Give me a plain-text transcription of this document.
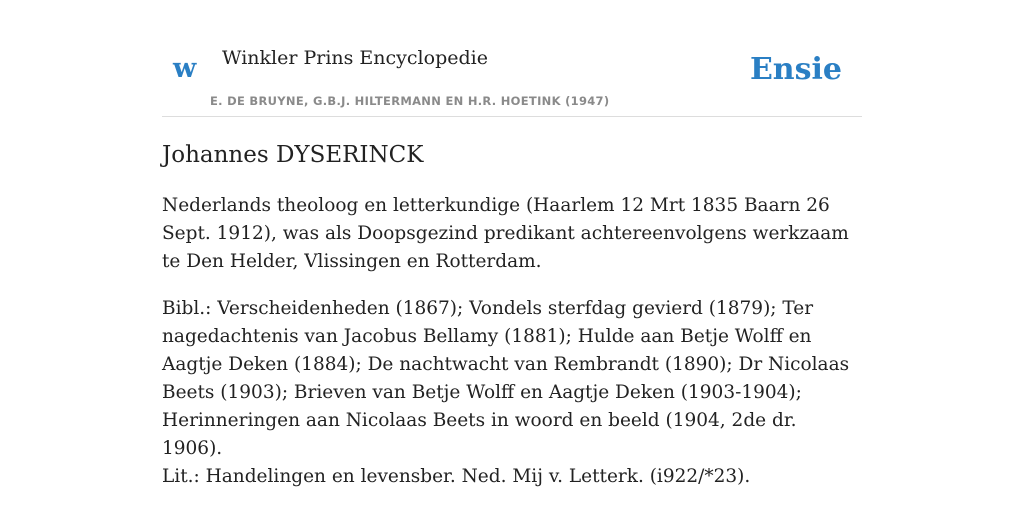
w Winkler Prins Encyclopedie
E. DE BRUYNE, G.B.J. HILTERMANN EN H.R. HOETINK (1947)
Ensie
Johannes DYSERINCK

Nederlands theoloog en letterkundige (Haarlem 12 Mrt 1835 Baarn 26 Sept. 1912), was als Doopsgezind predikant achtereenvolgens werkzaam te Den Helder, Vlissingen en Rotterdam.

Bibl.: Verscheidenheden (1867); Vondels sterfdag gevierd (1879); Ter nagedachtenis van Jacobus Bellamy (1881); Hulde aan Betje Wolff en Aagtje Deken (1884); De nachtwacht van Rembrandt (1890); Dr Nicolaas Beets (1903); Brieven van Betje Wolff en Aagtje Deken (1903-1904); Herinneringen aan Nicolaas Beets in woord en beeld (1904, 2de dr. 1906).

Lit.: Handelingen en levensber. Ned. Mij v. Letterk. (i922/*23).
